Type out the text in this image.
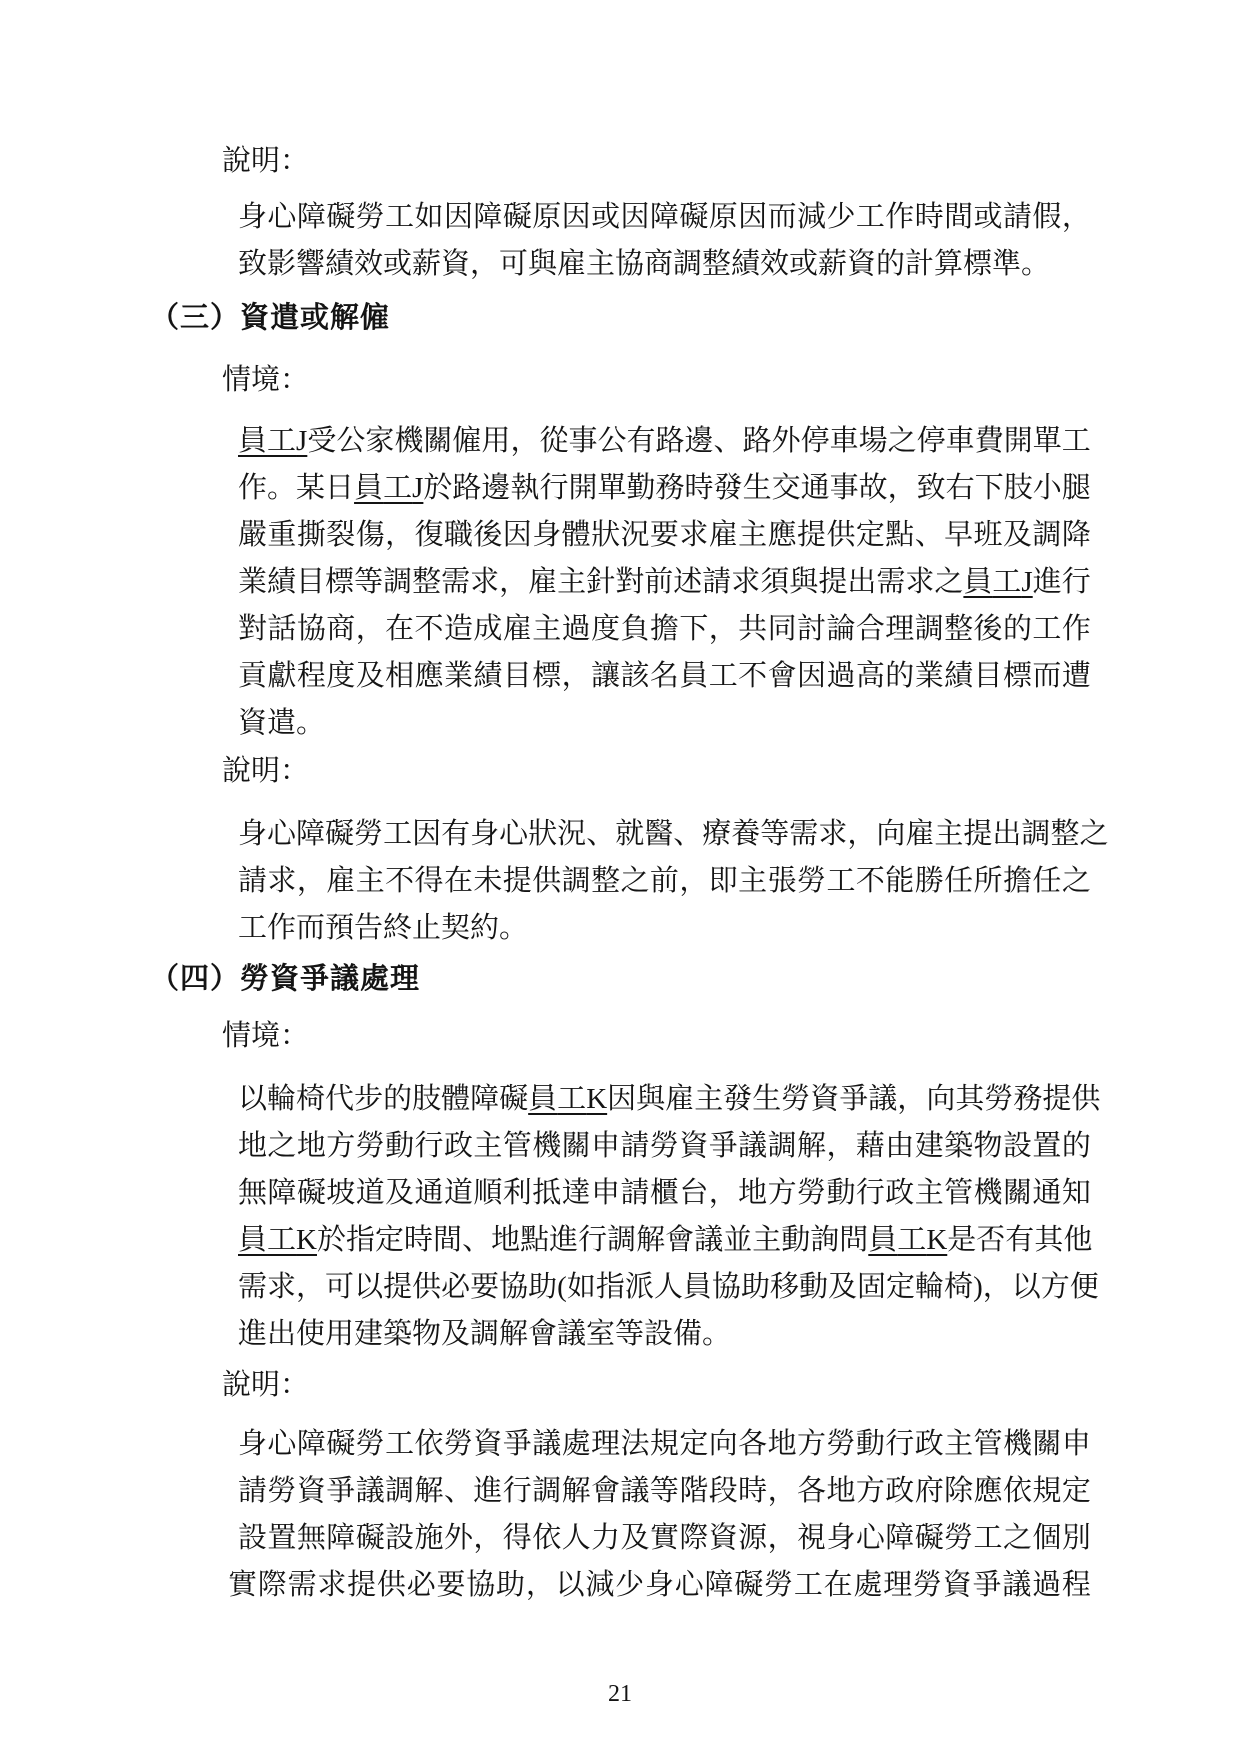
說明：
身 心 障 礙 勞 工 如 因 障 礙 原 因 或 因 障 礙 原 因 而 減 少 工 作 時 間 或 請 假 ，
致影響績效或薪資，可與雇主協商調整績效或薪資的計算標準。
（三）資遣或解僱
情境：
員 工 J 受 公 家 機 關 僱 用 ， 從 事 公 有 路 邊 、 路 外 停 車 場 之 停 車 費 開 單 工
作 。 某 日 員 工 J 於 路 邊 執 行 開 單 勤 務 時 發 生 交 通 事 故 ， 致 右 下 肢 小 腿
嚴 重 撕 裂 傷 ， 復 職 後 因 身 體 狀 況 要 求 雇 主 應 提 供 定 點 、 早 班 及 調 降
業 績 目 標 等 調 整 需 求 ， 雇 主 針 對 前 述 請 求 須 與 提 出 需 求 之 員 工 J 進 行
對 話 協 商 ， 在 不 造 成 雇 主 過 度 負 擔 下 ， 共 同 討 論 合 理 調 整 後 的 工 作
貢 獻 程 度 及 相 應 業 績 目 標 ， 讓 該 名 員 工 不 會 因 過 高 的 業 績 目 標 而 遭
資遣。
說明：
身 心 障 礙 勞 工 因 有 身 心 狀 況 、 就 醫 、 療 養 等 需 求 ， 向 雇 主 提 出 調 整 之
請 求 ， 雇 主 不 得 在 未 提 供 調 整 之 前 ， 即 主 張 勞 工 不 能 勝 任 所 擔 任 之
工作而預告終止契約。
（四）勞資爭議處理
情境：
以 輪 椅 代 步 的 肢 體 障 礙 員 工 K 因 與 雇 主 發 生 勞 資 爭 議 ， 向 其 勞 務 提 供
地 之 地 方 勞 動 行 政 主 管 機 關 申 請 勞 資 爭 議 調 解 ， 藉 由 建 築 物 設 置 的
無 障 礙 坡 道 及 通 道 順 利 抵 達 申 請 櫃 台 ， 地 方 勞 動 行 政 主 管 機 關 通 知
員 工 K 於 指 定 時 間 、 地 點 進 行 調 解 會 議 並 主 動 詢 問 員 工 K 是 否 有 其 他
需 求 ， 可 以 提 供 必 要 協 助 ( 如 指 派 人 員 協 助 移 動 及 固 定 輪 椅 ) ， 以 方 便
進出使用建築物及調解會議室等設備。
說明：
身 心 障 礙 勞 工 依 勞 資 爭 議 處 理 法 規 定 向 各 地 方 勞 動 行 政 主 管 機 關 申
請 勞 資 爭 議 調 解 、 進 行 調 解 會 議 等 階 段 時 ， 各 地 方 政 府 除 應 依 規 定
設 置 無 障 礙 設 施 外 ， 得 依 人 力 及 實 際 資 源 ， 視 身 心 障 礙 勞 工 之 個 別
實 際 需 求 提 供 必 要 協 助 ， 以 減 少 身 心 障 礙 勞 工 在 處 理 勞 資 爭 議 過 程
21
